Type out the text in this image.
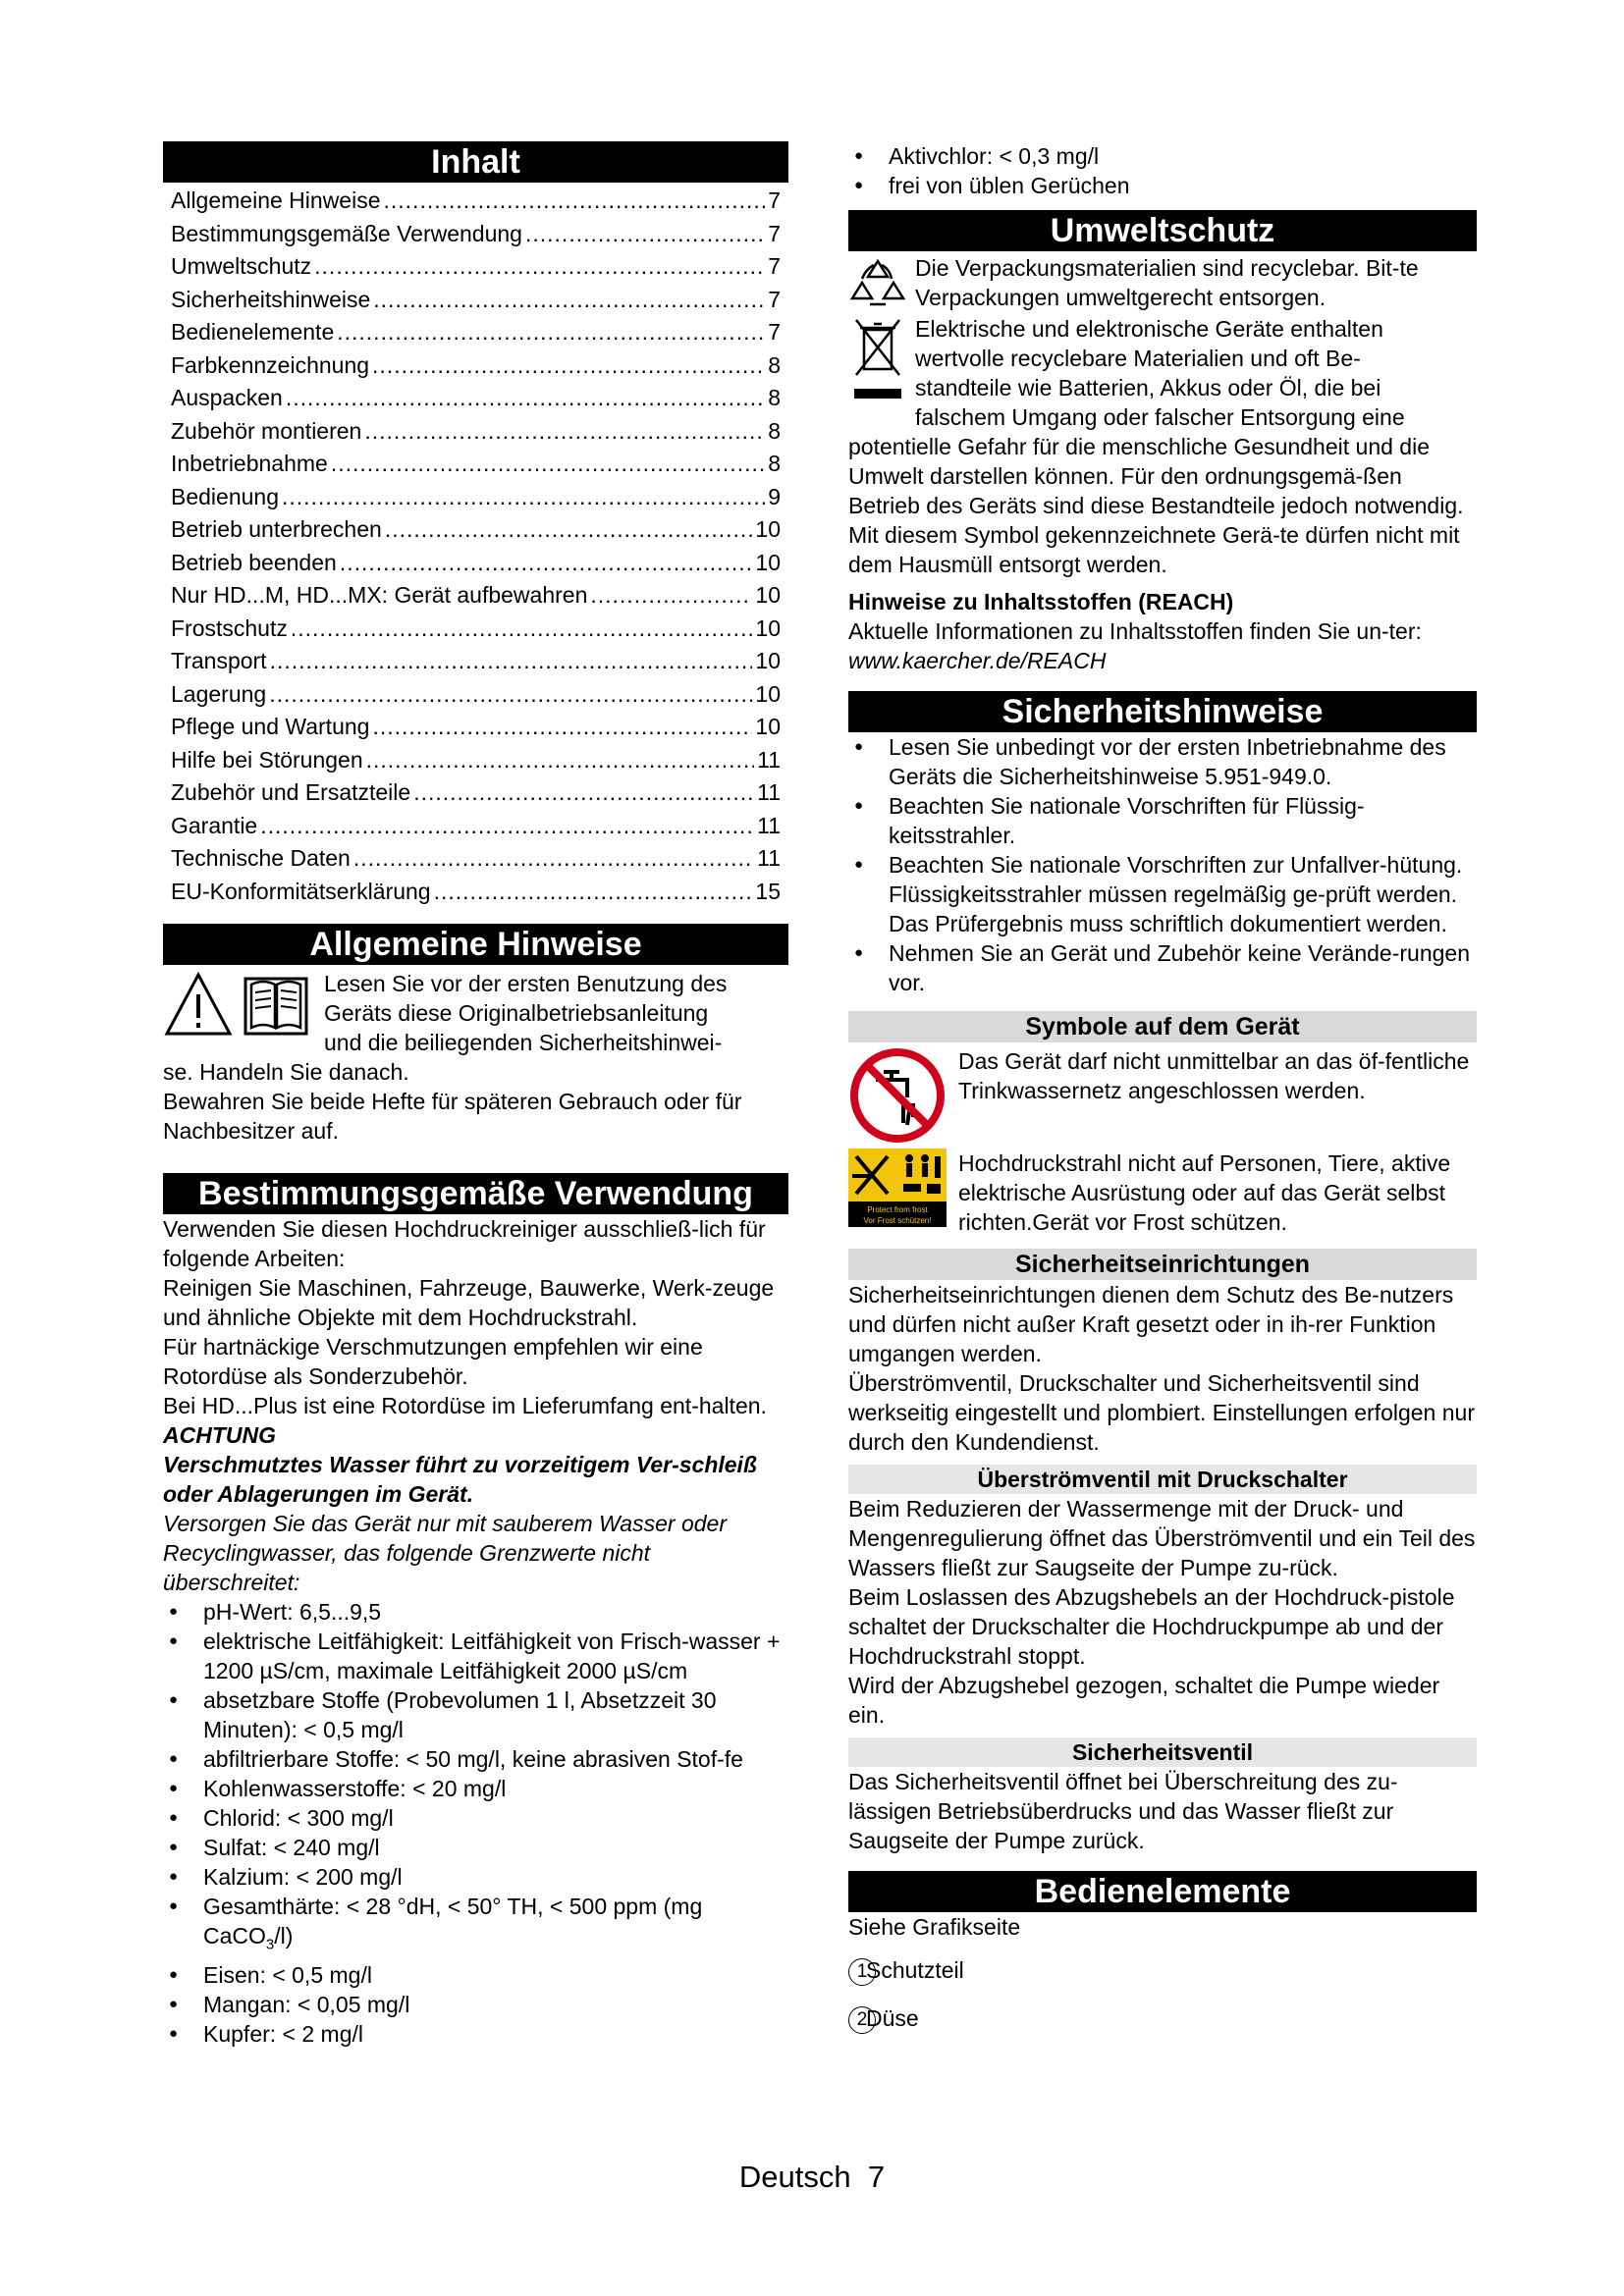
Inhalt
Allgemeine Hinweise .....	7
Bestimmungsgemäße Verwendung .....	7
Umweltschutz .....	7
Sicherheitshinweise .....	7
Bedienelemente .....	7
Farbkennzeichnung .....	8
Auspacken .....	8
Zubehör montieren .....	8
Inbetriebnahme .....	8
Bedienung .....	9
Betrieb unterbrechen .....	10
Betrieb beenden .....	10
Nur HD...M, HD...MX: Gerät aufbewahren .....	10
Frostschutz .....	10
Transport .....	10
Lagerung .....	10
Pflege und Wartung .....	10
Hilfe bei Störungen .....	11
Zubehör und Ersatzteile .....	11
Garantie .....	11
Technische Daten .....	11
EU-Konformitätserklärung .....	15
Allgemeine Hinweise

Lesen Sie vor der ersten Benutzung des

Geräts diese Originalbetriebsanleitung

und die beiliegenden Sicherheitshinwei-

se. Handeln Sie danach.

Bewahren Sie beide Hefte für späteren Gebrauch oder für Nachbesitzer auf.

Bestimmungsgemäße Verwendung

Verwenden Sie diesen Hochdruckreiniger ausschließ-lich für folgende Arbeiten:

Reinigen Sie Maschinen, Fahrzeuge, Bauwerke, Werk-zeuge und ähnliche Objekte mit dem Hochdruckstrahl.

Für hartnäckige Verschmutzungen empfehlen wir eine Rotordüse als Sonderzubehör.

Bei HD...Plus ist eine Rotordüse im Lieferumfang ent-halten.

ACHTUNG

Verschmutztes Wasser führt zu vorzeitigem Ver-schleiß oder Ablagerungen im Gerät.

Versorgen Sie das Gerät nur mit sauberem Wasser oder Recyclingwasser, das folgende Grenzwerte nicht überschreitet:

● pH-Wert: 6,5...9,5
● elektrische Leitfähigkeit: Leitfähigkeit von Frisch-wasser + 1200 µS/cm, maximale Leitfähigkeit 2000 µS/cm
● absetzbare Stoffe (Probevolumen 1 l, Absetzzeit 30 Minuten): < 0,5 mg/l
● abfiltrierbare Stoffe: < 50 mg/l, keine abrasiven Stof-fe
● Kohlenwasserstoffe: < 20 mg/l
● Chlorid: < 300 mg/l
● Sulfat: < 240 mg/l
● Kalzium: < 200 mg/l
● Gesamthärte: < 28 °dH, < 50° TH, < 500 ppm (mg CaCO$_3$/l)
● Eisen: < 0,5 mg/l
● Mangan: < 0,05 mg/l
● Kupfer: < 2 mg/l
● Aktivchlor: < 0,3 mg/l
● frei von üblen Gerüchen
Umweltschutz

Die Verpackungsmaterialien sind recyclebar. Bit-te Verpackungen umweltgerecht entsorgen.

Elektrische und elektronische Geräte enthalten

wertvolle recyclebare Materialien und oft Be-

standteile wie Batterien, Akkus oder Öl, die bei

falschem Umgang oder falscher Entsorgung eine

potentielle Gefahr für die menschliche Gesundheit und die Umwelt darstellen können. Für den ordnungsgemä-ßen Betrieb des Geräts sind diese Bestandteile jedoch notwendig. Mit diesem Symbol gekennzeichnete Gerä-te dürfen nicht mit dem Hausmüll entsorgt werden.

Hinweise zu Inhaltsstoffen (REACH)

Aktuelle Informationen zu Inhaltsstoffen finden Sie un-ter: www.kaercher.de/REACH

Sicherheitshinweise
● Lesen Sie unbedingt vor der ersten Inbetriebnahme des Geräts die Sicherheitshinweise 5.951-949.0.
● Beachten Sie nationale Vorschriften für Flüssig-keitsstrahler.
● Beachten Sie nationale Vorschriften zur Unfallver-hütung. Flüssigkeitsstrahler müssen regelmäßig ge-prüft werden. Das Prüfergebnis muss schriftlich dokumentiert werden.
● Nehmen Sie an Gerät und Zubehör keine Verände-rungen vor.
Symbole auf dem Gerät

Das Gerät darf nicht unmittelbar an das öf-fentliche Trinkwassernetz angeschlossen werden.

Protect from frost
Vor Frost schützen!

Hochdruckstrahl nicht auf Personen, Tiere, aktive elektrische Ausrüstung oder auf das Gerät selbst richten.Gerät vor Frost schützen.

Sicherheitseinrichtungen

Sicherheitseinrichtungen dienen dem Schutz des Be-nutzers und dürfen nicht außer Kraft gesetzt oder in ih-rer Funktion umgangen werden.

Überströmventil, Druckschalter und Sicherheitsventil sind werkseitig eingestellt und plombiert. Einstellungen erfolgen nur durch den Kundendienst.

Überströmventil mit Druckschalter

Beim Reduzieren der Wassermenge mit der Druck- und Mengenregulierung öffnet das Überströmventil und ein Teil des Wassers fließt zur Saugseite der Pumpe zu-rück.

Beim Loslassen des Abzugshebels an der Hochdruck-pistole schaltet der Druckschalter die Hochdruckpumpe ab und der Hochdruckstrahl stoppt.

Wird der Abzugshebel gezogen, schaltet die Pumpe wieder ein.

Sicherheitsventil

Das Sicherheitsventil öffnet bei Überschreitung des zu-lässigen Betriebsüberdrucks und das Wasser fließt zur Saugseite der Pumpe zurück.

Bedienelemente

Siehe Grafikseite

1Schutzteil
2Düse
Deutsch 7
